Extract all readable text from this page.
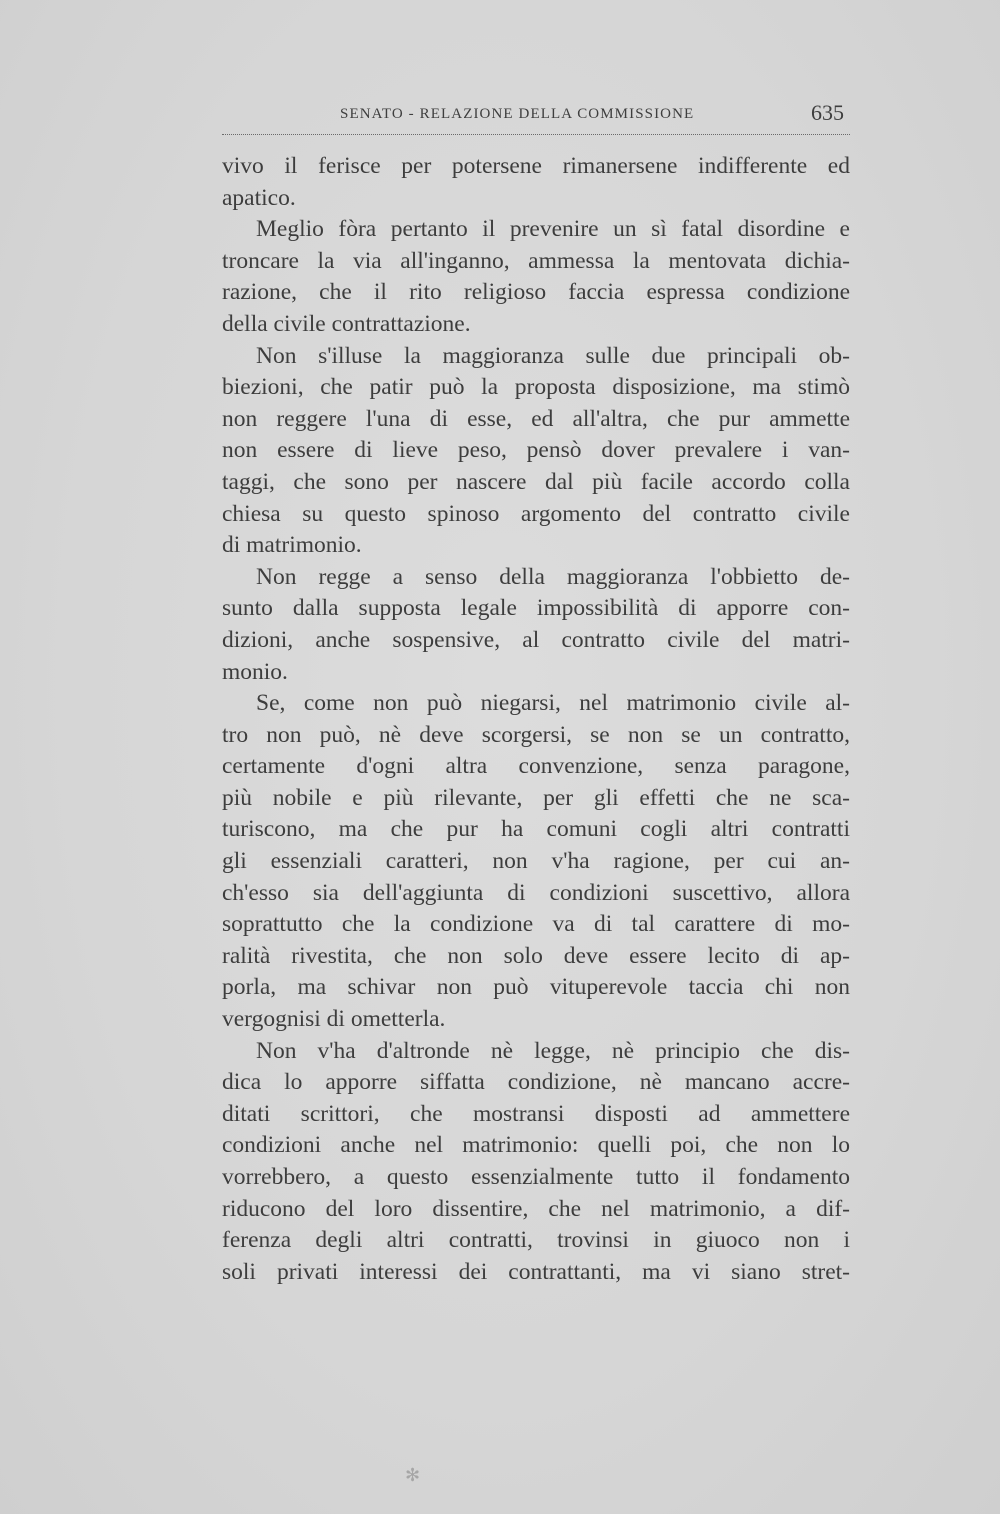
SENATO - RELAZIONE DELLA COMMISSIONE	635
vivo il ferisce per potersene rimanersene indifferente ed
apatico.
Meglio fòra pertanto il prevenire un sì fatal disordine e
troncare la via all'inganno, ammessa la mentovata dichia-
razione, che il rito religioso faccia espressa condizione
della civile contrattazione.
Non s'illuse la maggioranza sulle due principali ob-
biezioni, che patir può la proposta disposizione, ma stimò
non reggere l'una di esse, ed all'altra, che pur ammette
non essere di lieve peso, pensò dover prevalere i van-
taggi, che sono per nascere dal più facile accordo colla
chiesa su questo spinoso argomento del contratto civile
di matrimonio.
Non regge a senso della maggioranza l'obbietto de-
sunto dalla supposta legale impossibilità di apporre con-
dizioni, anche sospensive, al contratto civile del matri-
monio.
Se, come non può niegarsi, nel matrimonio civile al-
tro non può, nè deve scorgersi, se non se un contratto,
certamente d'ogni altra convenzione, senza paragone,
più nobile e più rilevante, per gli effetti che ne sca-
turiscono, ma che pur ha comuni cogli altri contratti
gli essenziali caratteri, non v'ha ragione, per cui an-
ch'esso sia dell'aggiunta di condizioni suscettivo, allora
soprattutto che la condizione va di tal carattere di mo-
ralità rivestita, che non solo deve essere lecito di ap-
porla, ma schivar non può vituperevole taccia chi non
vergognisi di ometterla.
Non v'ha d'altronde nè legge, nè principio che dis-
dica lo apporre siffatta condizione, nè mancano accre-
ditati scrittori, che mostransi disposti ad ammettere
condizioni anche nel matrimonio: quelli poi, che non lo
vorrebbero, a questo essenzialmente tutto il fondamento
riducono del loro dissentire, che nel matrimonio, a dif-
ferenza degli altri contratti, trovinsi in giuoco non i
soli privati interessi dei contrattanti, ma vi siano stret-
✻
